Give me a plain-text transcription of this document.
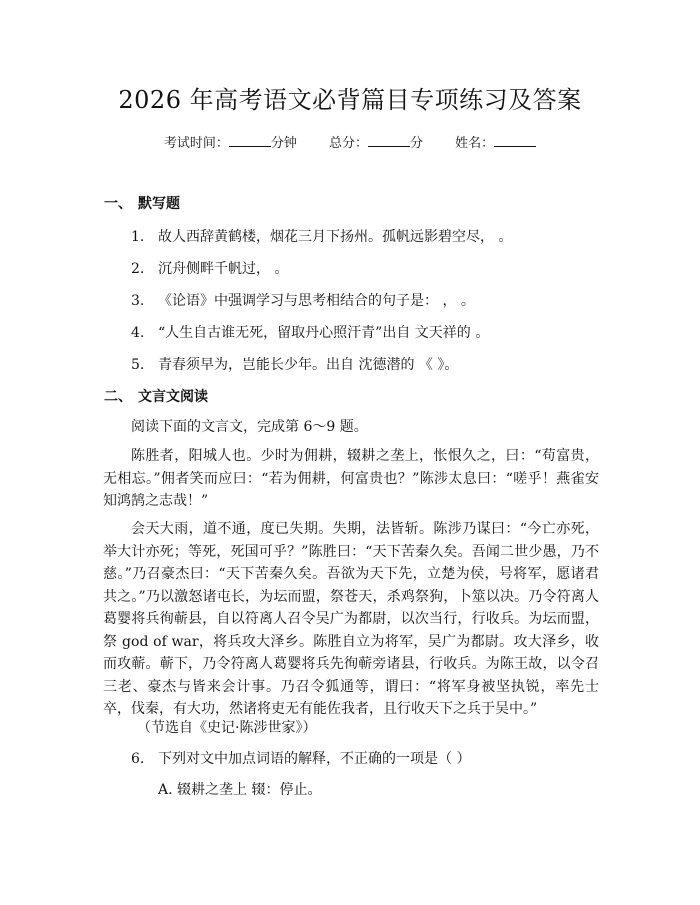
2026 年高考语文必背篇目专项练习及答案
考试时间：	分钟 总分：	分 姓名：
一、 默写题
1. 故人西辞黄鹤楼，烟花三月下扬州。孤帆远影碧空尽， 。
2. 沉舟侧畔千帆过， 。
3. 《论语》中强调学习与思考相结合的句子是： ， 。
4. “人生自古谁无死，留取丹心照汗青”出自 文天祥的 。
5. 青春须早为，岂能长少年。出自 沈德潜的 《 》。
二、 文言文阅读
阅读下面的文言文，完成第 6～9 题。
陈胜者，阳城人也。少时为佣耕，辍耕之垄上，怅恨久之，曰：“苟富贵，无相忘。”佣者笑而应曰：“若为佣耕，何富贵也？”陈涉太息曰：“嗟乎！燕雀安知鸿鹄之志哉！”
会天大雨，道不通，度已失期。失期，法皆斩。陈涉乃谋曰：“今亡亦死，举大计亦死；等死，死国可乎？”陈胜曰：“天下苦秦久矣。吾闻二世少愚，乃不慈。”乃召豪杰曰：“天下苦秦久矣。吾欲为天下先，立楚为侯，号将军，愿诸君共之。”乃以激怒诸屯长，为坛而盟，祭苍天，杀鸡祭狗，卜筮以决。乃令符离人葛婴将兵徇蕲县，自以符离人召令吴广为都尉，以次当行，行收兵。为坛而盟，祭 god of war，将兵攻大泽乡。陈胜自立为将军，吴广为都尉。攻大泽乡，收而攻蕲。蕲下，乃令符离人葛婴将兵先徇蕲旁诸县，行收兵。为陈王故，以令召三老、豪杰与皆来会计事。乃召令狐通等，谓曰：“将军身被坚执锐，率先士卒，伐秦，有大功，然诸将吏无有能佐我者，且行收天下之兵于吴中。”
（节选自《史记·陈涉世家》）
6. 下列对文中加点词语的解释，不正确的一项是（ ）
A. 辍耕之垄上 辍：停止。
